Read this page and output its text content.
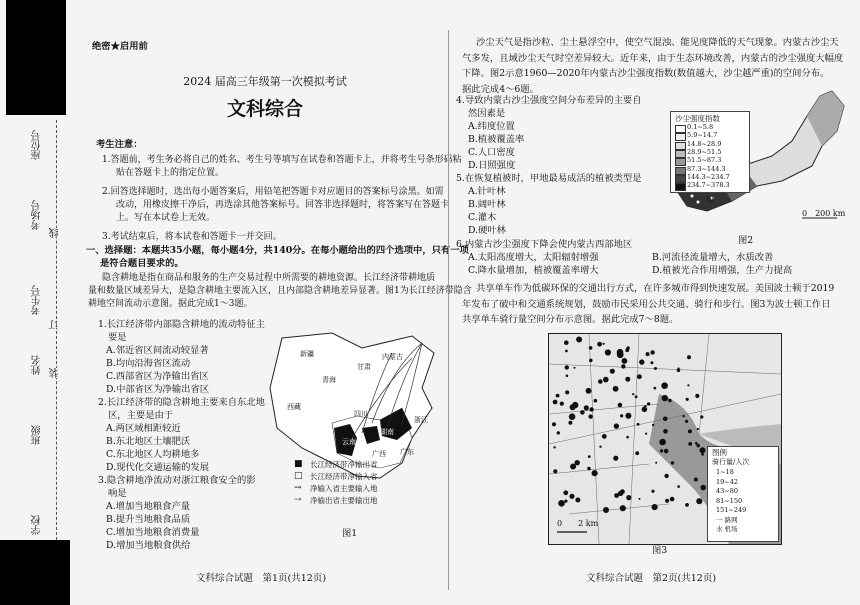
座位号
考场号
考生号
姓名
班级
学校
线
订
装
绝密★启用前
2024 届高三年级第一次模拟考试
文科综合
考生注意：
1.答题前，考生务必将自己的姓名、考生号等填写在试卷和答题卡上，并将考生号条形码粘
贴在答题卡上的指定位置。
2.回答选择题时，选出每小题答案后，用铅笔把答题卡对应题目的答案标号涂黑。如需
改动，用橡皮擦干净后，再选涂其他答案标号。回答非选择题时，将答案写在答题卡
上。写在本试卷上无效。
3.考试结束后，将本试卷和答题卡一并交回。
一、选择题：本题共35小题，每小题4分，共140分。在每小题给出的四个选项中，只有一项
是符合题目要求的。
隐含耕地是指在商品和服务的生产交易过程中所需要的耕地资源。长江经济带耕地质
量和数量区域差异大，是隐含耕地主要流入区，且内部隐含耕地差异显著。图1为长江经济带隐含
耕地空间流动示意图。据此完成1～3题。
1.长江经济带内部隐含耕地的流动特征主
要是
A.邻近省区间流动较显著
B.均向沿海省区流动
C.西部省区为净输出省区
D.中部省区为净输出省区
2.长江经济带的隐含耕地主要来自东北地
区，主要是由于
A.两区域相距较近
B.东北地区土壤肥沃
C.东北地区人均耕地多
D.现代化交通运输的发展
3.隐含耕地净流动对浙江粮食安全的影
响是
A.增加当地粮食产量
B.提升当地粮食品质
C.增加当地粮食消费量
D.增加当地粮食供给
新疆
西藏
青海
甘肃
内蒙古
四川
云南
广西 广东
湖南
浙江
■ 长江经济带净输出省
□ 长江经济带净输入省
→ 净输入省主要输入地
⇢ 净输出省主要输出地
图1
文科综合试题　第1页(共12页)
沙尘天气是指沙粒、尘土悬浮空中，使空气混浊、能见度降低的天气现象。内蒙古沙尘天
气多发，且域沙尘天气时空差异较大。近年来，由于生态环境改善，内蒙古的沙尘强度大幅度
下降。图2示意1960—2020年内蒙古沙尘强度指数(数值越大，沙尘越严重)的空间分布。
据此完成4～6题。
4.导致内蒙古沙尘强度空间分布差异的主要自
然因素是
A.纬度位置
B.植被覆盖率
C.人口密度
D.日照强度
5.在恢复植被时，甲地最易成活的植被类型是
A.针叶林
B.阔叶林
C.灌木
D.硬叶林
6.内蒙古沙尘强度下降会使内蒙古西部地区
A.太阳高度增大，太阳辐射增强	B.河流径流量增大，水质改善
C.降水量增加，植被覆盖率增大	D.植被光合作用增强，生产力提高
甲
0　200 km
沙尘强度指数
0.1~5.8
5.9~14.7
14.8~28.9
28.9~51.5
51.5~87.3
87.3~144.3
144.3~234.7
234.7~378.3
图2
共享单车作为低碳环保的交通出行方式，在许多城市得到快速发展。美国波士顿于2019
年发布了破中和交通系统规划，鼓励市民采用公共交通、骑行和步行。图3为波士顿工作日
共享单车骑行量空间分布示意图。据此完成7～8题。
0　　2 km
图例
骑行量/人次
1~18
19~42
43~80
81~150
151~249
一 路网
水 机场
图3
文科综合试题　第2页(共12页)
